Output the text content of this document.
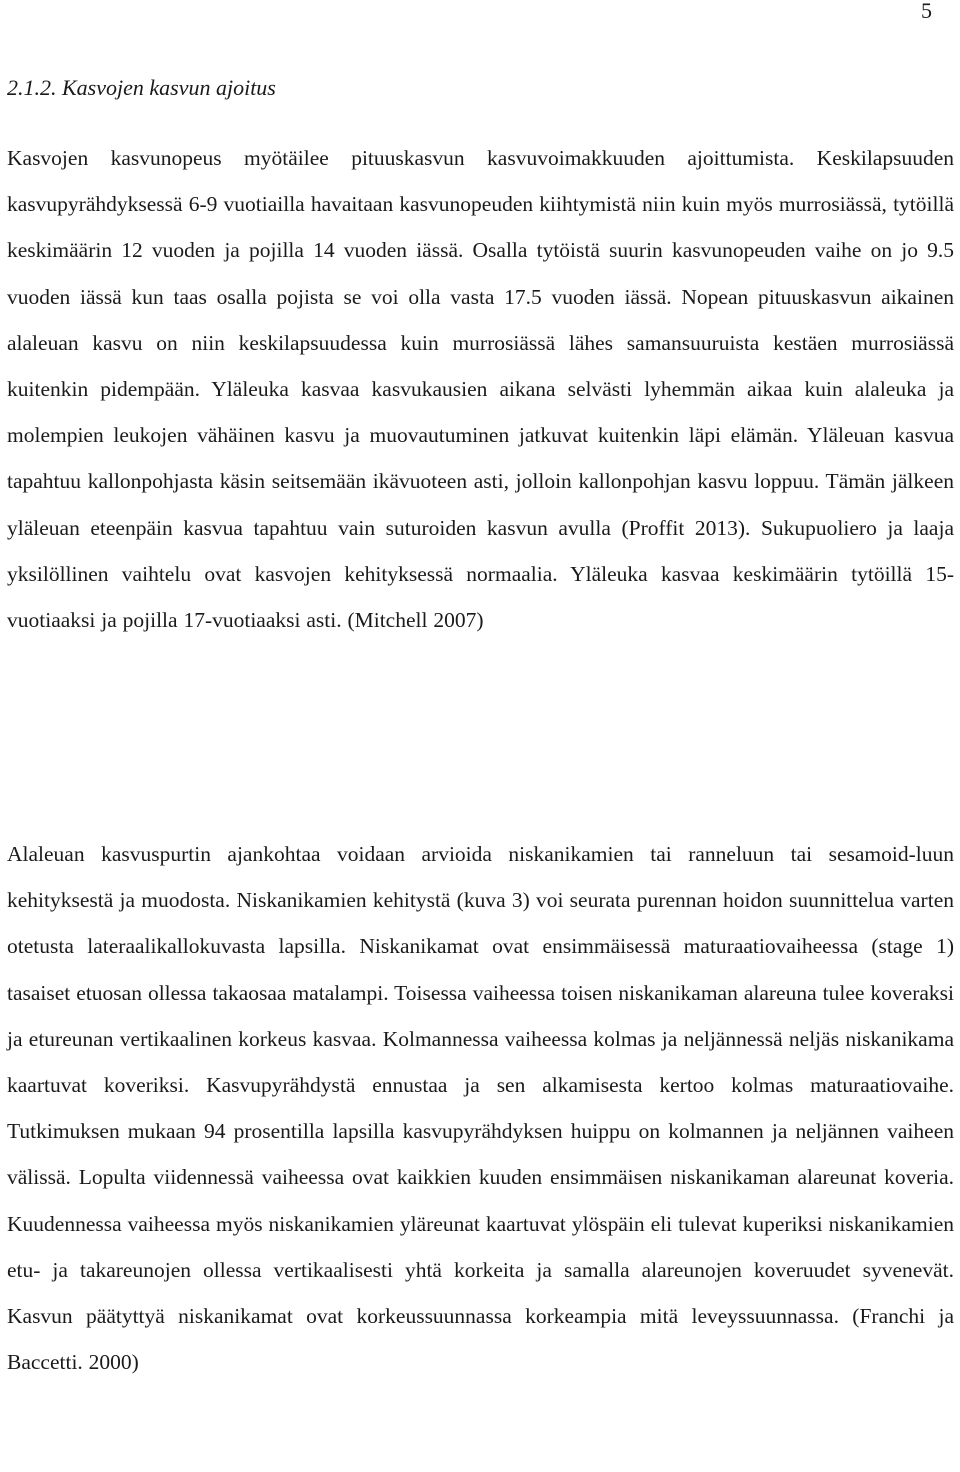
5
2.1.2. Kasvojen kasvun ajoitus

Kasvojen kasvunopeus myötäilee pituuskasvun kasvuvoimakkuuden ajoittumista. Keskilapsuuden kasvupyrähdyksessä 6-9 vuotiailla havaitaan kasvunopeuden kiihtymistä niin kuin myös murrosiässä, tytöillä keskimäärin 12 vuoden ja pojilla 14 vuoden iässä. Osalla tytöistä suurin kasvunopeuden vaihe on jo 9.5 vuoden iässä kun taas osalla pojista se voi olla vasta 17.5 vuoden iässä. Nopean pituuskasvun aikainen alaleuan kasvu on niin keskilapsuudessa kuin murrosiässä lähes samansuuruista kestäen murrosiässä kuitenkin pidempään. Yläleuka kasvaa kasvukausien aikana selvästi lyhemmän aikaa kuin alaleuka ja molempien leukojen vähäinen kasvu ja muovautuminen jatkuvat kuitenkin läpi elämän. Yläleuan kasvua tapahtuu kallonpohjasta käsin seitsemään ikävuoteen asti, jolloin kallonpohjan kasvu loppuu. Tämän jälkeen yläleuan eteenpäin kasvua tapahtuu vain suturoiden kasvun avulla (Proffit 2013). Sukupuoliero ja laaja yksilöllinen vaihtelu ovat kasvojen kehityksessä normaalia. Yläleuka kasvaa keskimäärin tytöillä 15-vuotiaaksi ja pojilla 17-vuotiaaksi asti. (Mitchell 2007)

Alaleuan kasvuspurtin ajankohtaa voidaan arvioida niskanikamien tai ranneluun tai sesamoid-luun kehityksestä ja muodosta. Niskanikamien kehitystä (kuva 3) voi seurata purennan hoidon suunnittelua varten otetusta lateraalikallokuvasta lapsilla. Niskanikamat ovat ensimmäisessä maturaatiovaiheessa (stage 1) tasaiset etuosan ollessa takaosaa matalampi. Toisessa vaiheessa toisen niskanikaman alareuna tulee koveraksi ja etureunan vertikaalinen korkeus kasvaa. Kolmannessa vaiheessa kolmas ja neljännessä neljäs niskanikama kaartuvat koveriksi. Kasvupyrähdystä ennustaa ja sen alkamisesta kertoo kolmas maturaatiovaihe. Tutkimuksen mukaan 94 prosentilla lapsilla kasvupyrähdyksen huippu on kolmannen ja neljännen vaiheen välissä. Lopulta viidennessä vaiheessa ovat kaikkien kuuden ensimmäisen niskanikaman alareunat koveria. Kuudennessa vaiheessa myös niskanikamien yläreunat kaartuvat ylöspäin eli tulevat kuperiksi niskanikamien etu- ja takareunojen ollessa vertikaalisesti yhtä korkeita ja samalla alareunojen koveruudet syvenevät. Kasvun päätyttyä niskanikamat ovat korkeussuunnassa korkeampia mitä leveyssuunnassa. (Franchi ja Baccetti. 2000)
